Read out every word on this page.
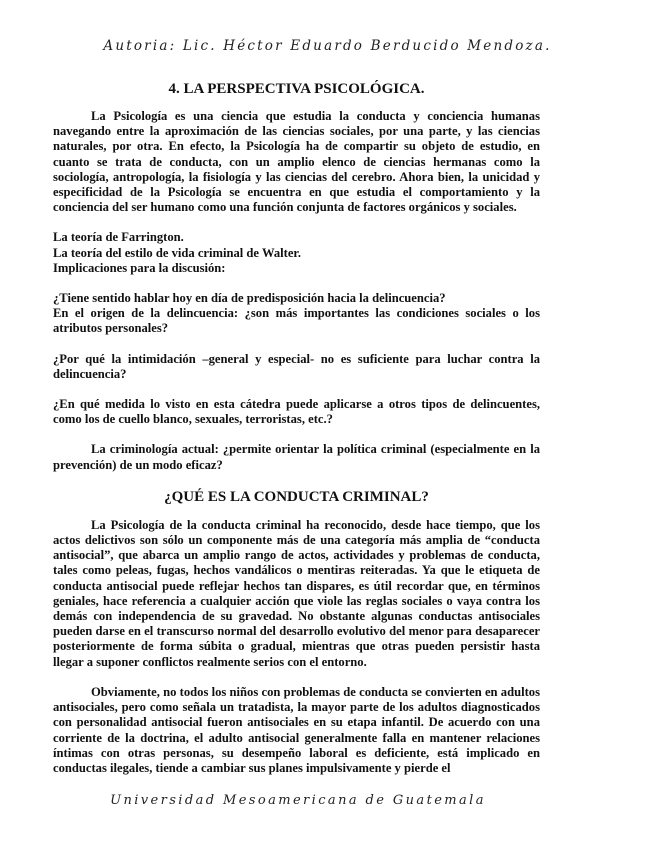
Autoria: Lic. Héctor Eduardo Berducido Mendoza.
4. LA PERSPECTIVA PSICOLÓGICA.

La Psicología es una ciencia que estudia la conducta y conciencia humanas navegando entre la aproximación de las ciencias sociales, por una parte, y las ciencias naturales, por otra. En efecto, la Psicología ha de compartir su objeto de estudio, en cuanto se trata de conducta, con un amplio elenco de ciencias hermanas como la sociología, antropología, la fisiología y las ciencias del cerebro. Ahora bien, la unicidad y especificidad de la Psicología se encuentra en que estudia el comportamiento y la conciencia del ser humano como una función conjunta de factores orgánicos y sociales.

La teoría de Farrington.
La teoría del estilo de vida criminal de Walter.
Implicaciones para la discusión:

¿Tiene sentido hablar hoy en día de predisposición hacia la delincuencia?

En el origen de la delincuencia: ¿son más importantes las condiciones sociales o los atributos personales?

¿Por qué la intimidación –general y especial- no es suficiente para luchar contra la delincuencia?

¿En qué medida lo visto en esta cátedra puede aplicarse a otros tipos de delincuentes, como los de cuello blanco, sexuales, terroristas, etc.?

La criminología actual: ¿permite orientar la política criminal (especialmente en la prevención) de un modo eficaz?

¿QUÉ ES LA CONDUCTA CRIMINAL?

La Psicología de la conducta criminal ha reconocido, desde hace tiempo, que los actos delictivos son sólo un componente más de una categoría más amplia de “conducta antisocial”, que abarca un amplio rango de actos, actividades y problemas de conducta, tales como peleas, fugas, hechos vandálicos o mentiras reiteradas. Ya que le etiqueta de conducta antisocial puede reflejar hechos tan dispares, es útil recordar que, en términos geniales, hace referencia a cualquier acción que viole las reglas sociales o vaya contra los demás con independencia de su gravedad. No obstante algunas conductas antisociales pueden darse en el transcurso normal del desarrollo evolutivo del menor para desaparecer posteriormente de forma súbita o gradual, mientras que otras pueden persistir hasta llegar a suponer conflictos realmente serios con el entorno.

Obviamente, no todos los niños con problemas de conducta se convierten en adultos antisociales, pero como señala un tratadista, la mayor parte de los adultos diagnosticados con personalidad antisocial fueron antisociales en su etapa infantil. De acuerdo con una corriente de la doctrina, el adulto antisocial generalmente falla en mantener relaciones íntimas con otras personas, su desempeño laboral es deficiente, está implicado en conductas ilegales, tiende a cambiar sus planes impulsivamente y pierde el

Universidad Mesoamericana de Guatemala
